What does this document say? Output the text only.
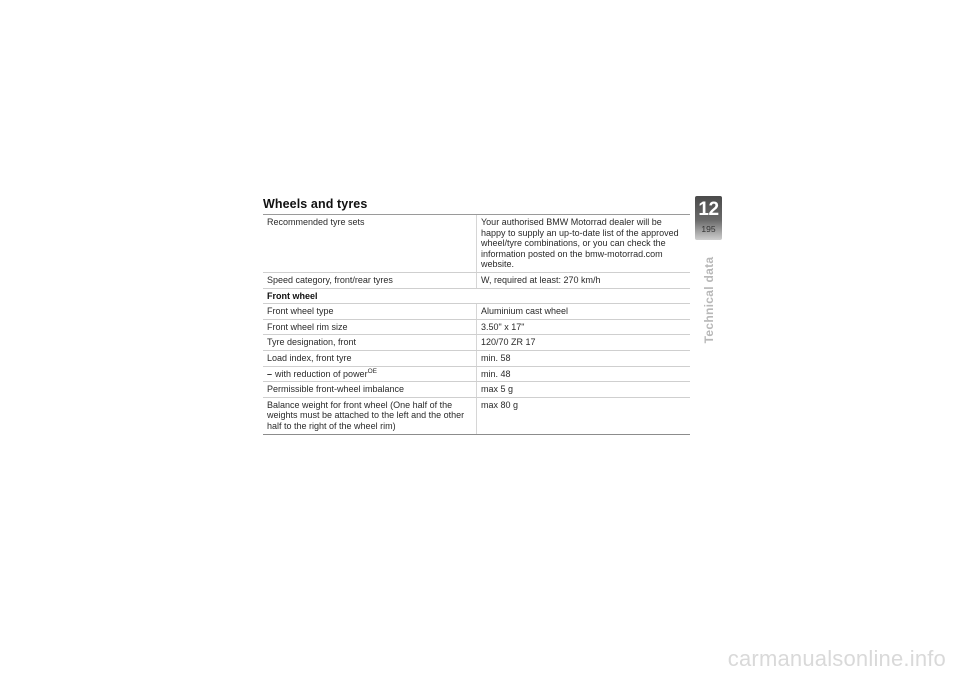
Wheels and tyres
Recommended tyre sets	Your authorised BMW Motorrad dealer will be happy to supply an up-to-date list of the approved wheel/tyre combinations, or you can check the information posted on the bmw-motorrad.com website.
Speed category, front/rear tyres	W, required at least: 270 km/h
Front wheel	
Front wheel type	Aluminium cast wheel
Front wheel rim size	3.50" x 17"
Tyre designation, front	120/70 ZR 17
Load index, front tyre	min. 58
– with reduction of power$^{OE}$	min. 48
Permissible front-wheel imbalance	max 5 g
Balance weight for front wheel (One half of the weights must be attached to the left and the other half to the right of the wheel rim)	max 80 g
12
195
Technical data
carmanualsonline.info
